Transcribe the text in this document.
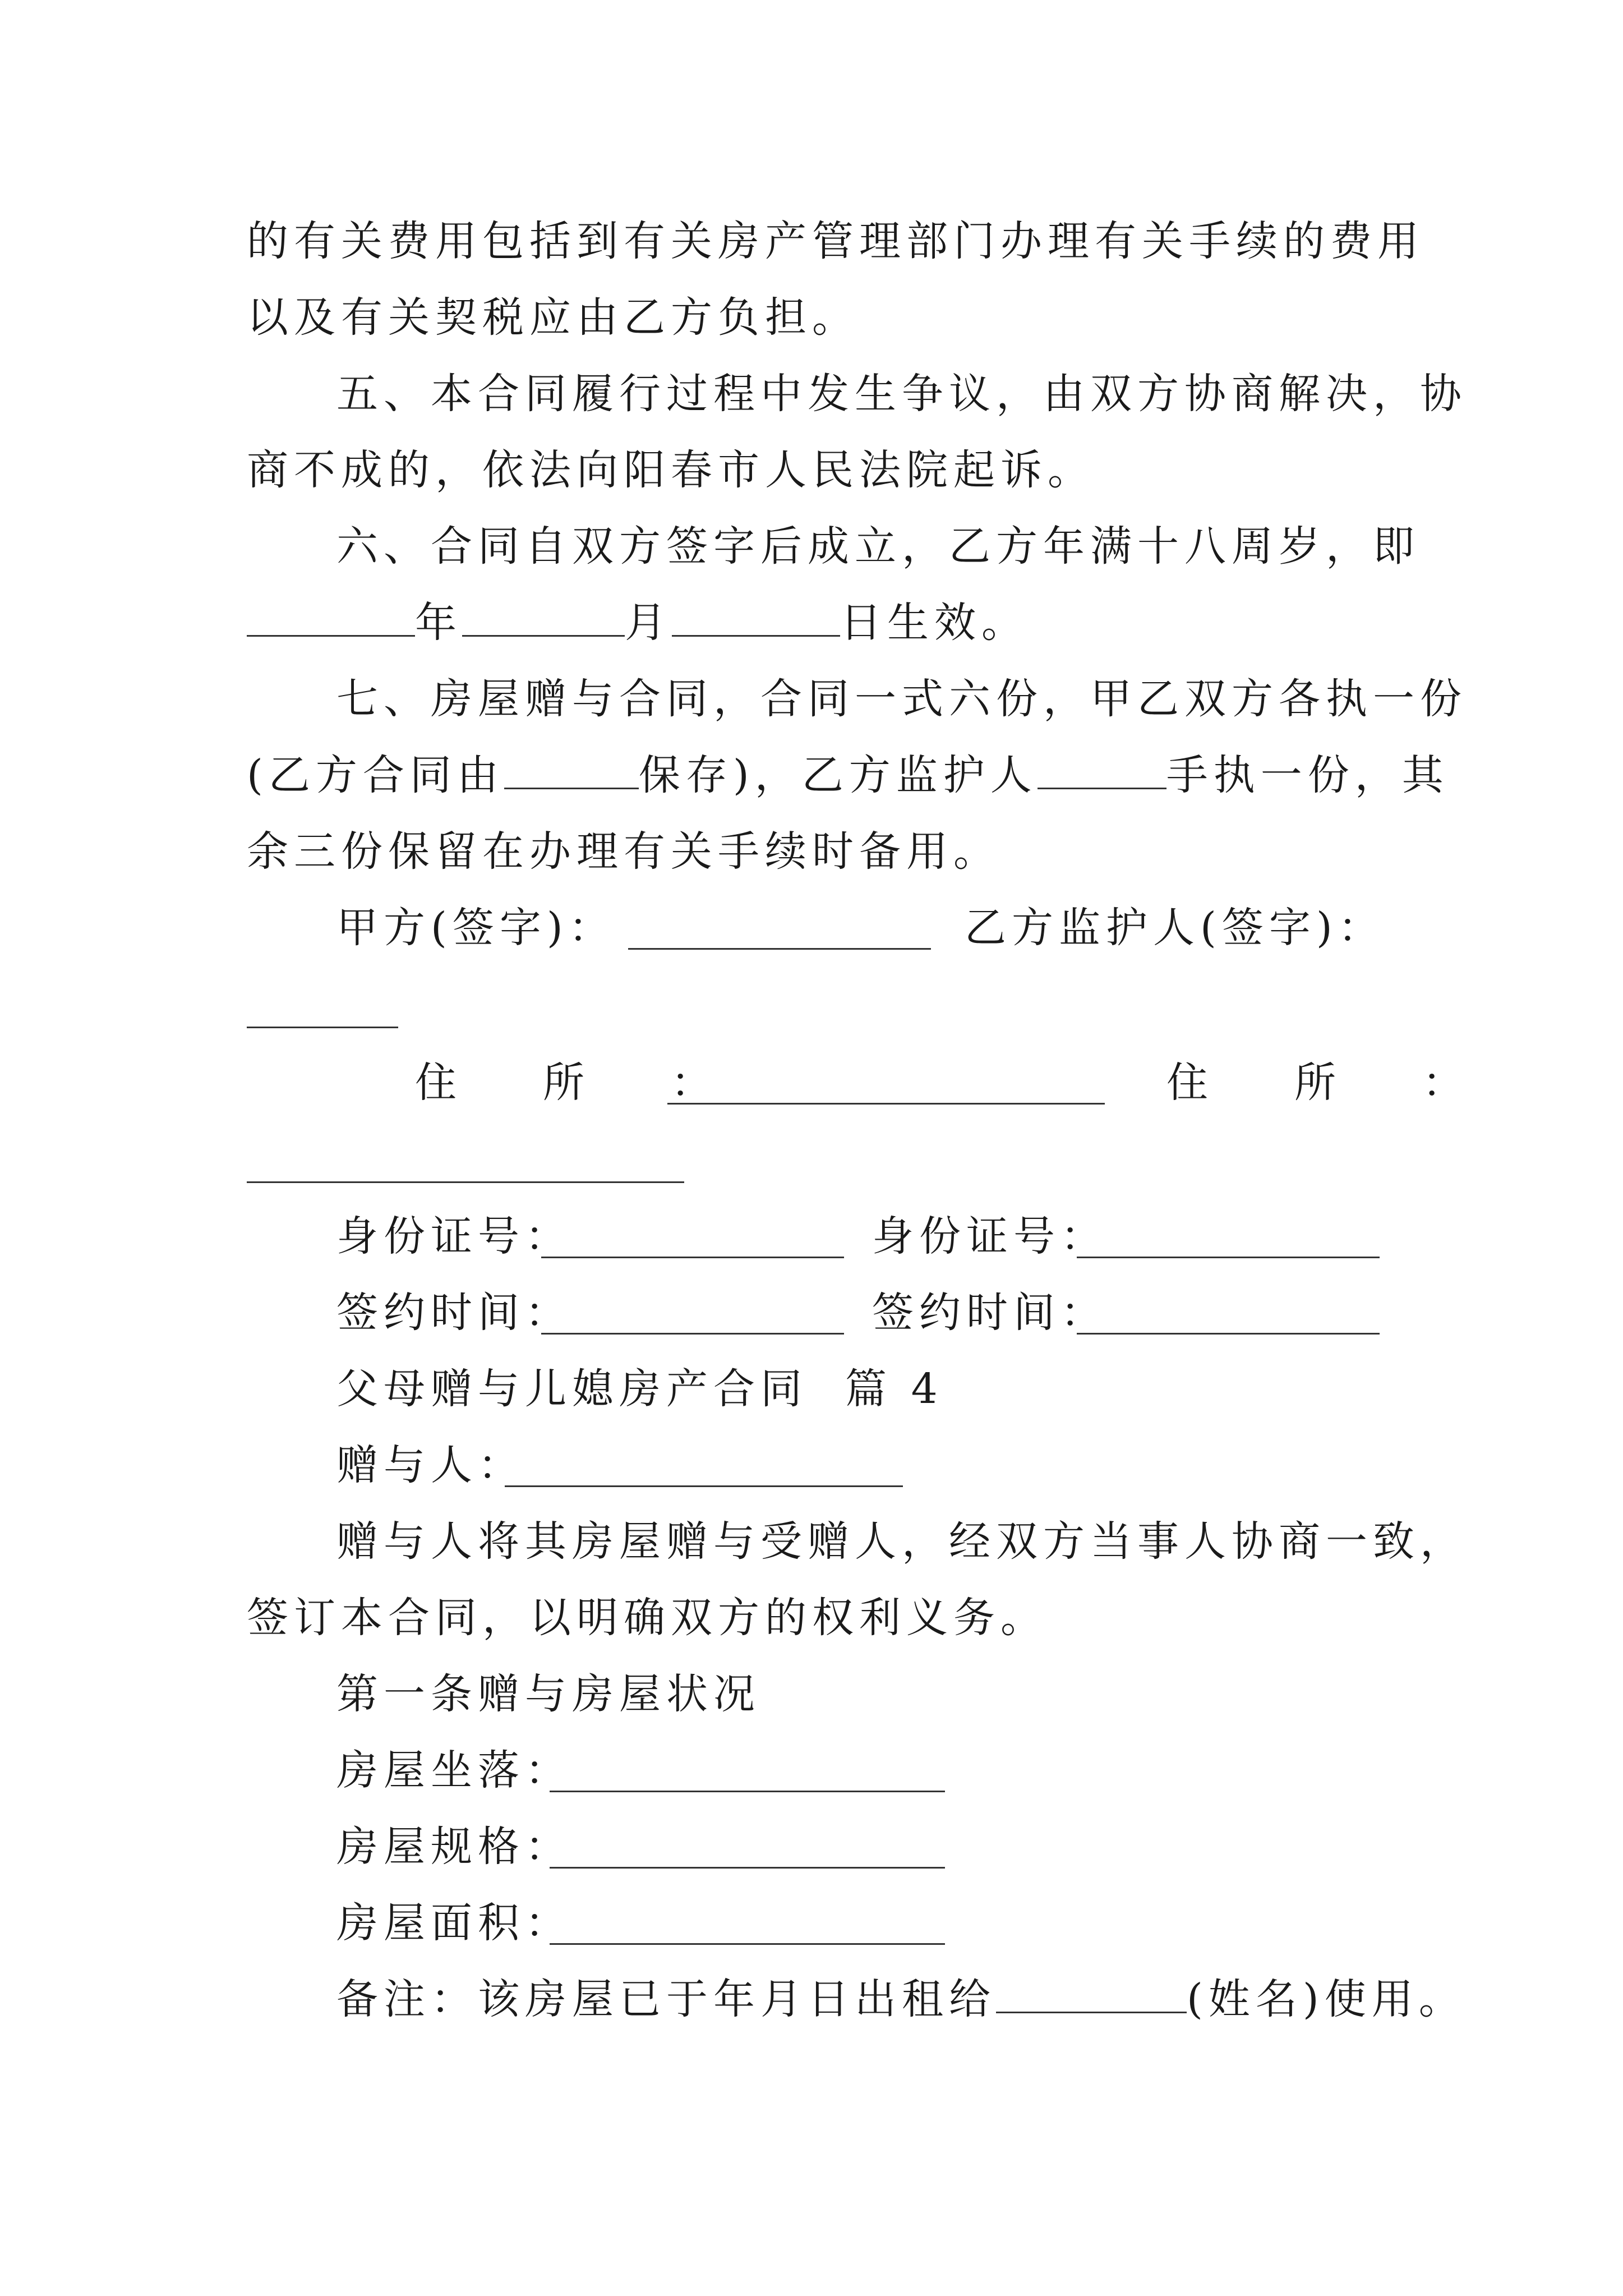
的有关费用包括到有关房产管理部门办理有关手续的费用
以及有关契税应由乙方负担。
五、本合同履行过程中发生争议，由双方协商解决，协
商不成的，依法向阳春市人民法院起诉。
六、合同自双方签字后成立，乙方年满十八周岁，即
年	月	日生效。
七、房屋赠与合同，合同一式六份，甲乙双方各执一份
(乙方合同由	保存)，乙方监护人	手执一份，其
余三份保留在办理有关手续时备用。
甲方(签字)：	乙方监护人(签字)：
住　所　：	住　所　：
身份证号：	身份证号：
签约时间：	签约时间：
父母赠与儿媳房产合同  篇 4
赠与人：
赠与人将其房屋赠与受赠人，经双方当事人协商一致，
签订本合同，以明确双方的权利义务。
第一条赠与房屋状况
房屋坐落：
房屋规格：
房屋面积：
备注：该房屋已于年月日出租给	(姓名)使用。
